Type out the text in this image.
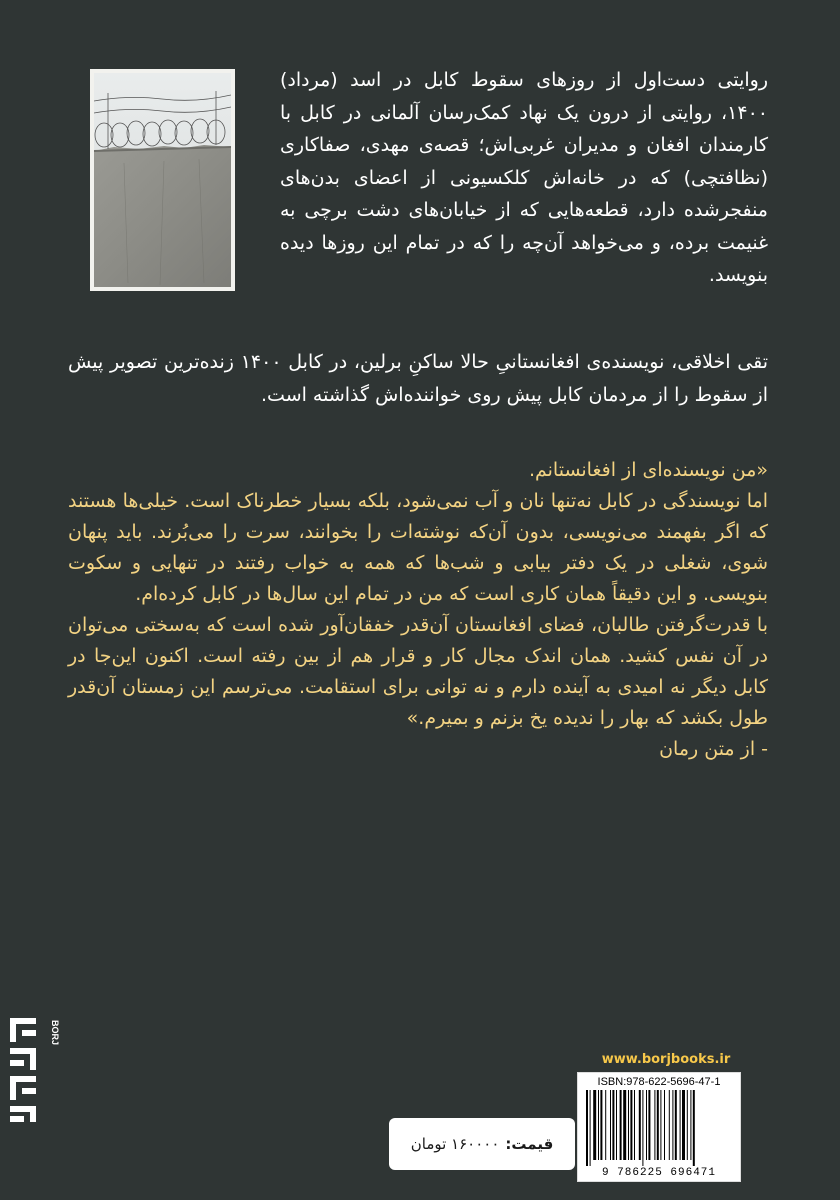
روایتی دست‌اول از روزهای سقوط کابل در اسد (مرداد) ۱۴۰۰، روایتی از درون یک نهاد کمک‌رسان آلمانی در کابل با کارمندان افغان و مدیران غربی‌اش؛ قصه‌ی مهدی، صفاکاری (نظافتچی) که در خانه‌اش کلکسیونی از اعضای بدن‌های منفجرشده دارد، قطعه‌هایی که از خیابان‌های دشت برچی به غنیمت برده، و می‌خواهد آن‌چه را که در تمام این روزها دیده بنویسد.

تقی اخلاقی، نویسنده‌ی افغانستانیِ حالا ساکنِ برلین، در کابل ۱۴۰۰ زنده‌ترین تصویر پیش از سقوط را از مردمان کابل پیش روی خواننده‌اش گذاشته است.

«من نویسنده‌ای از افغانستانم.

اما نویسندگی در کابل نه‌تنها نان و آب نمی‌شود، بلکه بسیار خطرناک است. خیلی‌ها هستند که اگر بفهمند می‌نویسی، بدون آن‌که نوشته‌ات را بخوانند، سرت را می‌بُرند. باید پنهان شوی، شغلی در یک دفتر بیابی و شب‌ها که همه به خواب رفتند در تنهایی و سکوت بنویسی. و این دقیقاً همان کاری است که من در تمام این سال‌ها در کابل کرده‌ام.

با قدرت‌گرفتن طالبان، فضای افغانستان آن‌قدر خفقان‌آور شده است که به‌سختی می‌توان در آن نفس کشید. همان اندک مجال کار و قرار هم از بین رفته است. اکنون این‌جا در کابل دیگر نه امیدی به آینده دارم و نه توانی برای استقامت. می‌ترسم این زمستان آن‌قدر طول بکشد که بهار را ندیده یخ بزنم و بمیرم.»

- از متن رمان

BORJ
www.borjbooks.ir
ISBN:978-622-5696-47-1
9 786225 696471
قیمت:
۱۶۰۰۰۰ تومان
